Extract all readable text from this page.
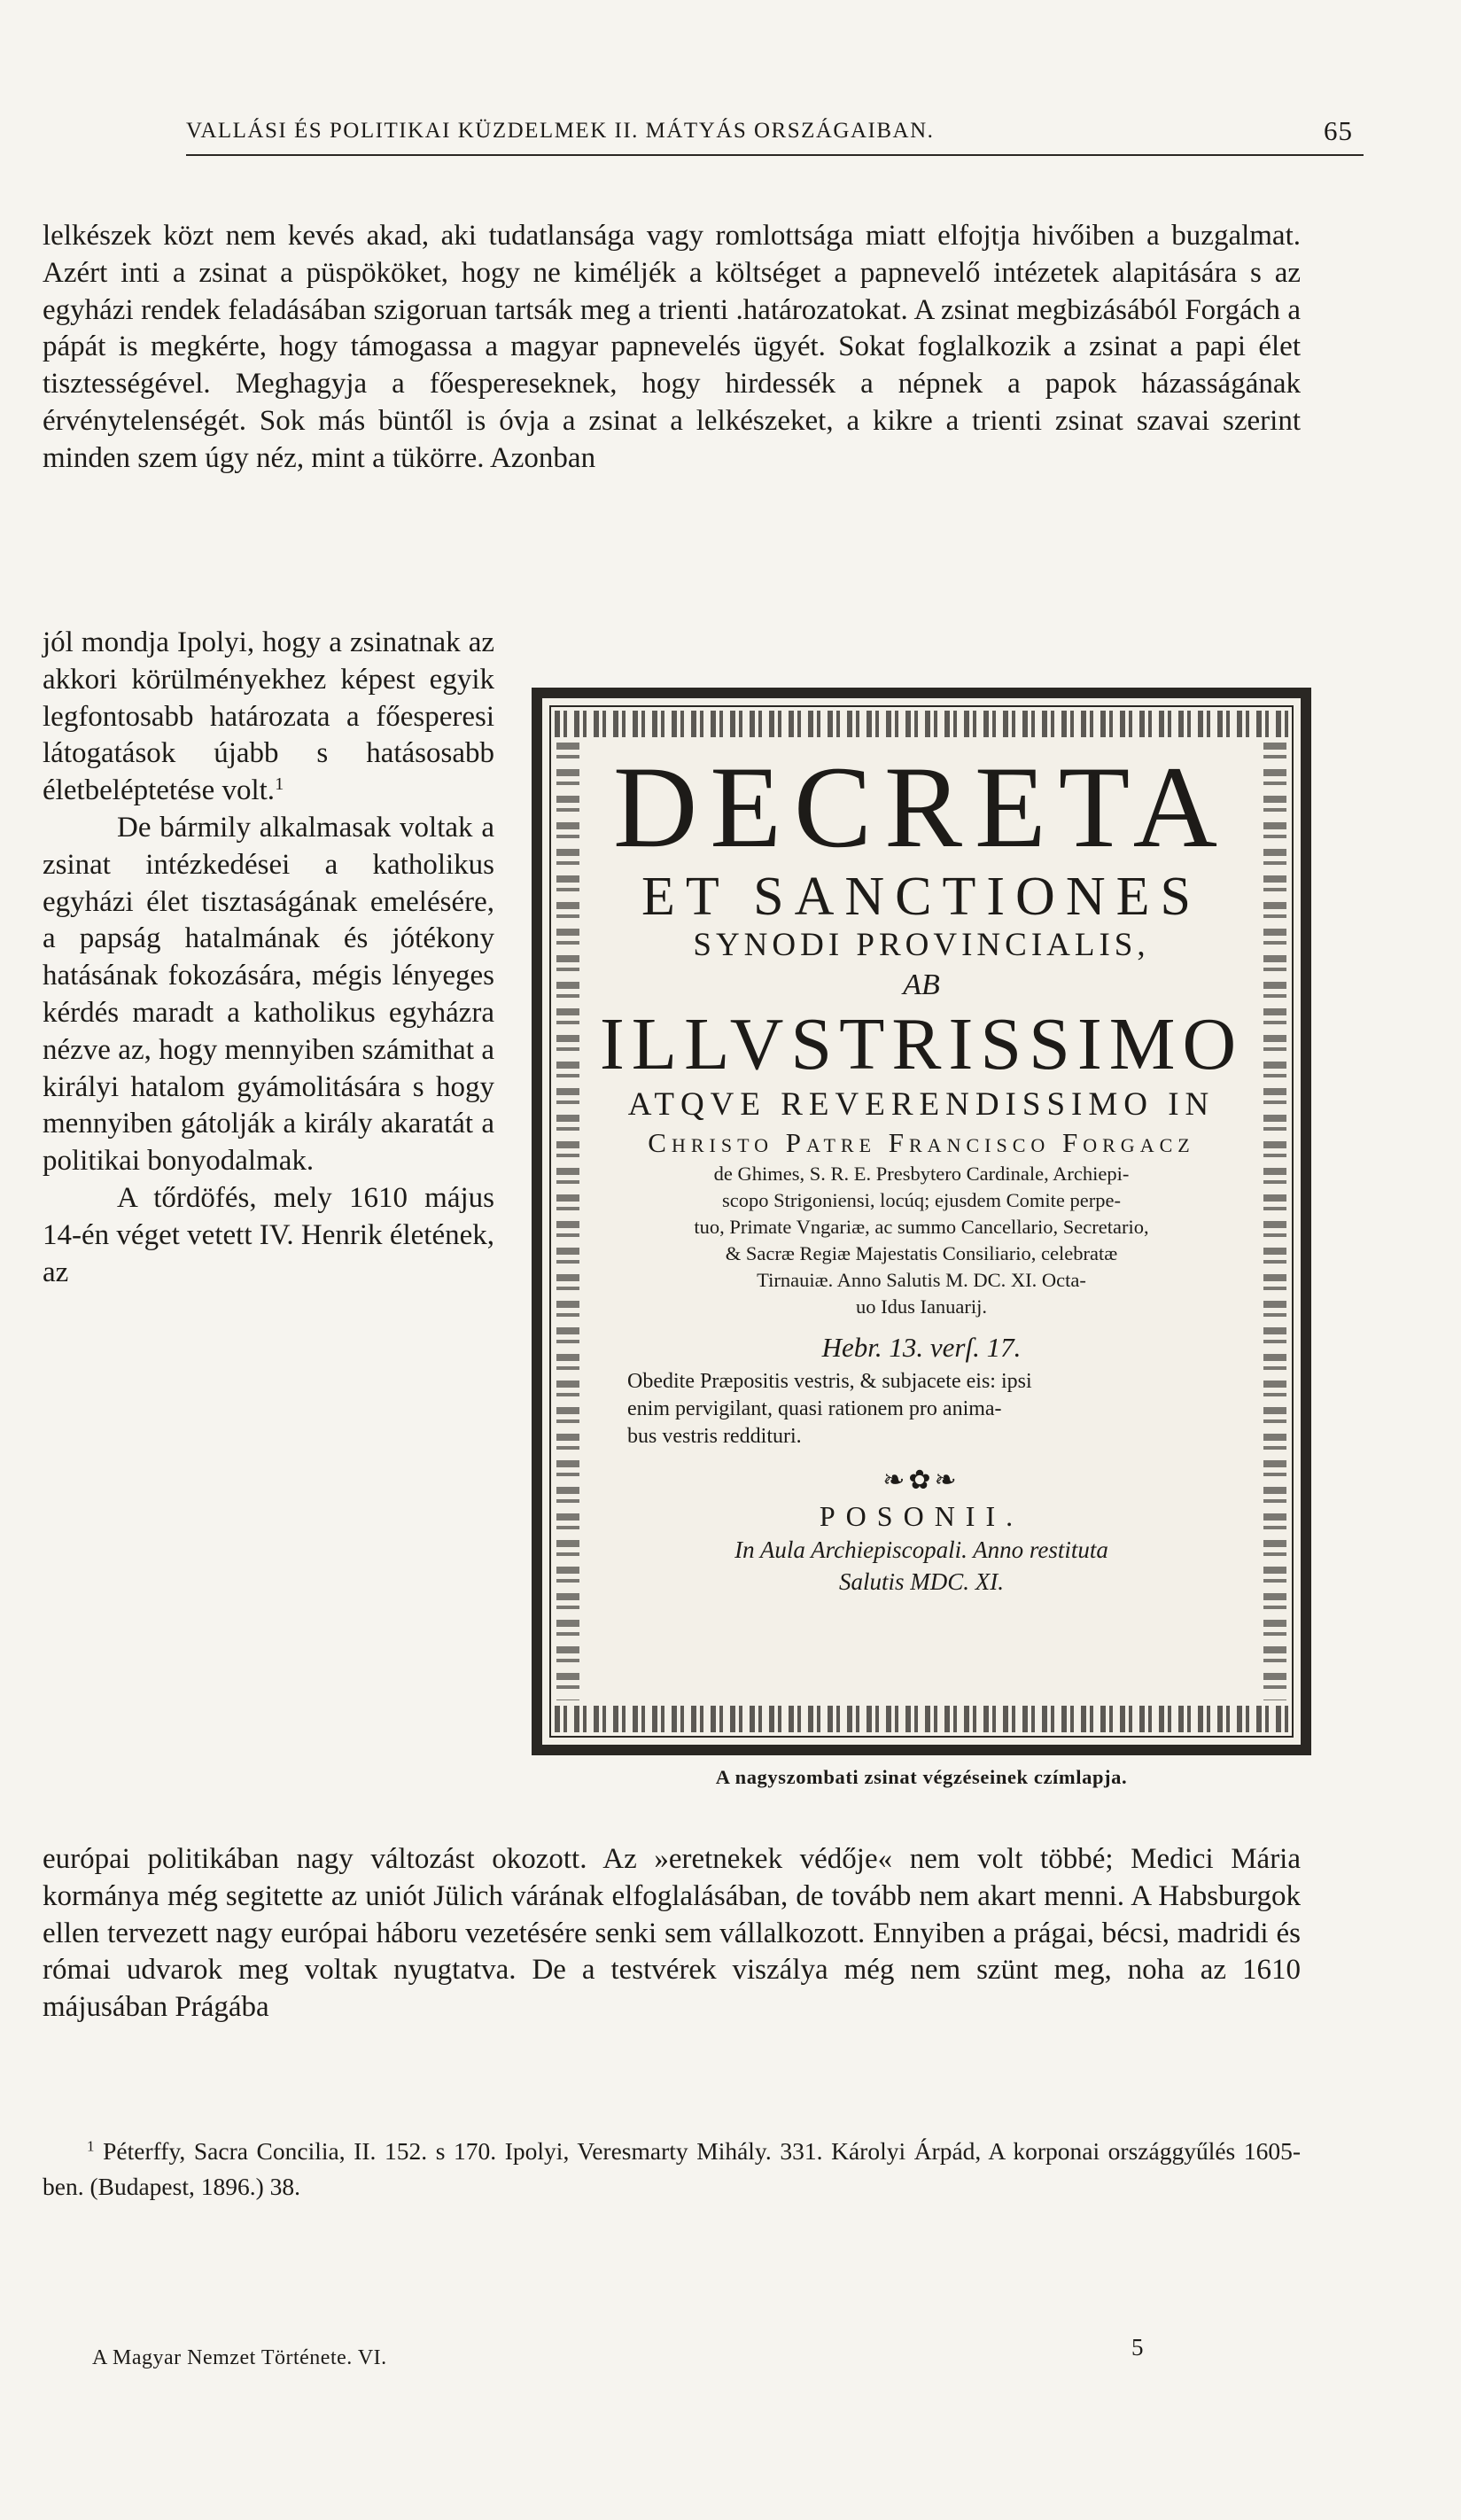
VALLÁSI ÉS POLITIKAI KÜZDELMEK II. MÁTYÁS ORSZÁGAIBAN.	65

lelkészek közt nem kevés akad, aki tudatlansága vagy romlottsága miatt elfojtja hivőiben a buzgalmat. Azért inti a zsinat a püspököket, hogy ne kiméljék a költséget a papnevelő intézetek alapitására s az egyházi rendek feladásában szigoruan tartsák meg a trienti .határozatokat. A zsinat megbizásából Forgách a pápát is megkérte, hogy támogassa a magyar papnevelés ügyét. Sokat foglalkozik a zsinat a papi élet tisztességével. Meghagyja a főespereseknek, hogy hirdessék a népnek a papok házasságának érvénytelenségét. Sok más büntől is óvja a zsinat a lelkészeket, a kikre a trienti zsinat szavai szerint minden szem úgy néz, mint a tükörre. Azonban

jól mondja Ipolyi, hogy a zsinatnak az akkori körülményekhez képest egyik legfontosabb határozata a főesperesi látogatások újabb s hatásosabb életbeléptetése volt.$^1$

De bármily alkalmasak voltak a zsinat intézkedései a katholikus egyházi élet tisztaságának emelésére, a papság hatalmának és jótékony hatásának fokozására, mégis lényeges kérdés maradt a katholikus egyházra nézve az, hogy mennyiben számithat a királyi hatalom gyámolitására s hogy mennyiben gátolják a király akaratát a politikai bonyodalmak.

A tőrdöfés, mely 1610 május 14-én véget vetett IV. Henrik életének, az

DECRETA
ET SANCTIONES
SYNODI PROVINCIALIS,
AB
ILLVSTRISSIMO
ATQVE REVERENDISSIMO IN
Christo Patre Francisco Forgacz
de Ghimes, S. R. E. Presbytero Cardinale, Archiepi-
scopo Strigoniensi, locúq; ejusdem Comite perpe-
tuo, Primate Vngariæ, ac summo Cancellario, Secretario,
& Sacræ Regiæ Majestatis Consiliario, celebratæ
Tirnauiæ. Anno Salutis M. DC. XI. Octa-
uo Idus Ianuarij.
Hebr. 13. verſ. 17.
Obedite Præpositis vestris, & subjacete eis: ipsi
enim pervigilant, quasi rationem pro anima-
bus vestris reddituri.
❧✿❧
POSONII.
In Aula Archiepiscopali. Anno restituta
Salutis MDC. XI.
A nagyszombati zsinat végzéseinek czímlapja.

európai politikában nagy változást okozott. Az »eretnekek védője« nem volt többé; Medici Mária kormánya még segitette az uniót Jülich várának elfoglalásában, de tovább nem akart menni. A Habsburgok ellen tervezett nagy európai háboru vezetésére senki sem vállalkozott. Ennyiben a prágai, bécsi, madridi és római udvarok meg voltak nyugtatva. De a testvérek viszálya még nem szünt meg, noha az 1610 májusában Prágába

$^1$ Péterffy, Sacra Concilia, II. 152. s 170. Ipolyi, Veresmarty Mihály. 331. Károlyi Árpád, A korponai országgyűlés 1605-ben. (Budapest, 1896.) 38.

A Magyar Nemzet Története. VI.	5
